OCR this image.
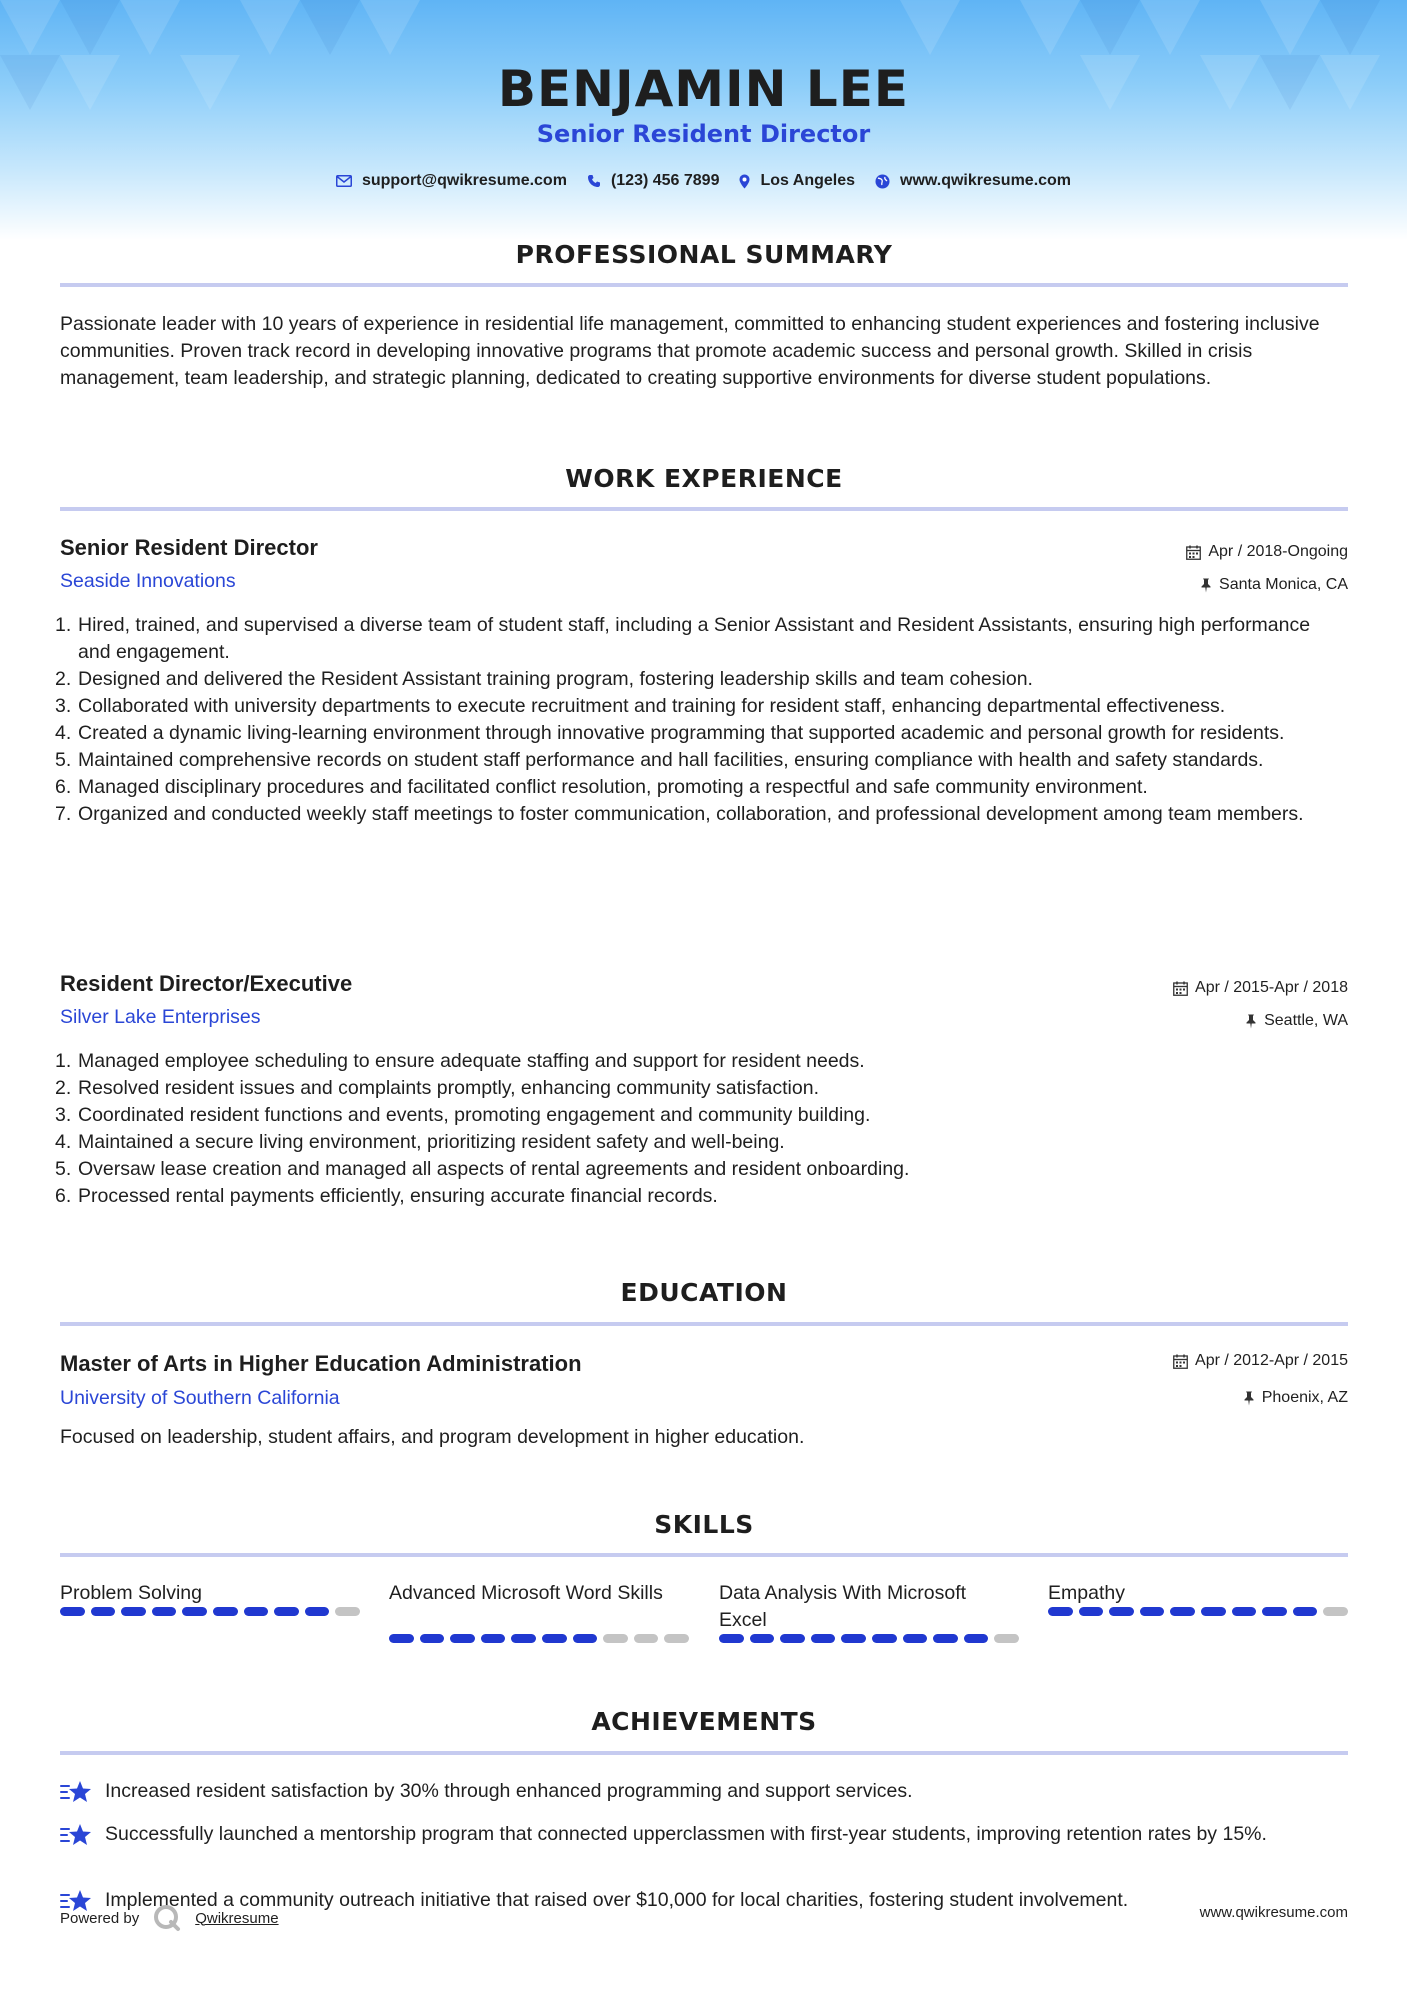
BENJAMIN LEE
Senior Resident Director
support@qwikresume.com	(123) 456 7899	Los Angeles	www.qwikresume.com
PROFESSIONAL SUMMARY
Passionate leader with 10 years of experience in residential life management, committed to enhancing student experiences and fostering inclusive communities. Proven track record in developing innovative programs that promote academic success and personal growth. Skilled in crisis management, team leadership, and strategic planning, dedicated to creating supportive environments for diverse student populations.
WORK EXPERIENCE
Senior Resident Director
Seaside Innovations
Apr / 2018-Ongoing
Santa Monica, CA
1. Hired, trained, and supervised a diverse team of student staff, including a Senior Assistant and Resident Assistants, ensuring high performance and engagement.
2. Designed and delivered the Resident Assistant training program, fostering leadership skills and team cohesion.
3. Collaborated with university departments to execute recruitment and training for resident staff, enhancing departmental effectiveness.
4. Created a dynamic living-learning environment through innovative programming that supported academic and personal growth for residents.
5. Maintained comprehensive records on student staff performance and hall facilities, ensuring compliance with health and safety standards.
6. Managed disciplinary procedures and facilitated conflict resolution, promoting a respectful and safe community environment.
7. Organized and conducted weekly staff meetings to foster communication, collaboration, and professional development among team members.
Resident Director/Executive
Silver Lake Enterprises
Apr / 2015-Apr / 2018
Seattle, WA
1. Managed employee scheduling to ensure adequate staffing and support for resident needs.
2. Resolved resident issues and complaints promptly, enhancing community satisfaction.
3. Coordinated resident functions and events, promoting engagement and community building.
4. Maintained a secure living environment, prioritizing resident safety and well-being.
5. Oversaw lease creation and managed all aspects of rental agreements and resident onboarding.
6. Processed rental payments efficiently, ensuring accurate financial records.
EDUCATION
Master of Arts in Higher Education Administration
University of Southern California
Apr / 2012-Apr / 2015
Phoenix, AZ
Focused on leadership, student affairs, and program development in higher education.
SKILLS
Problem Solving	Advanced Microsoft Word Skills	Data Analysis With Microsoft Excel
Empathy
ACHIEVEMENTS
Increased resident satisfaction by 30% through enhanced programming and support services.
Successfully launched a mentorship program that connected upperclassmen with first-year students, improving retention rates by 15%.
Implemented a community outreach initiative that raised over $10,000 for local charities, fostering student involvement.
Powered by	Qwikresume	www.qwikresume.com
